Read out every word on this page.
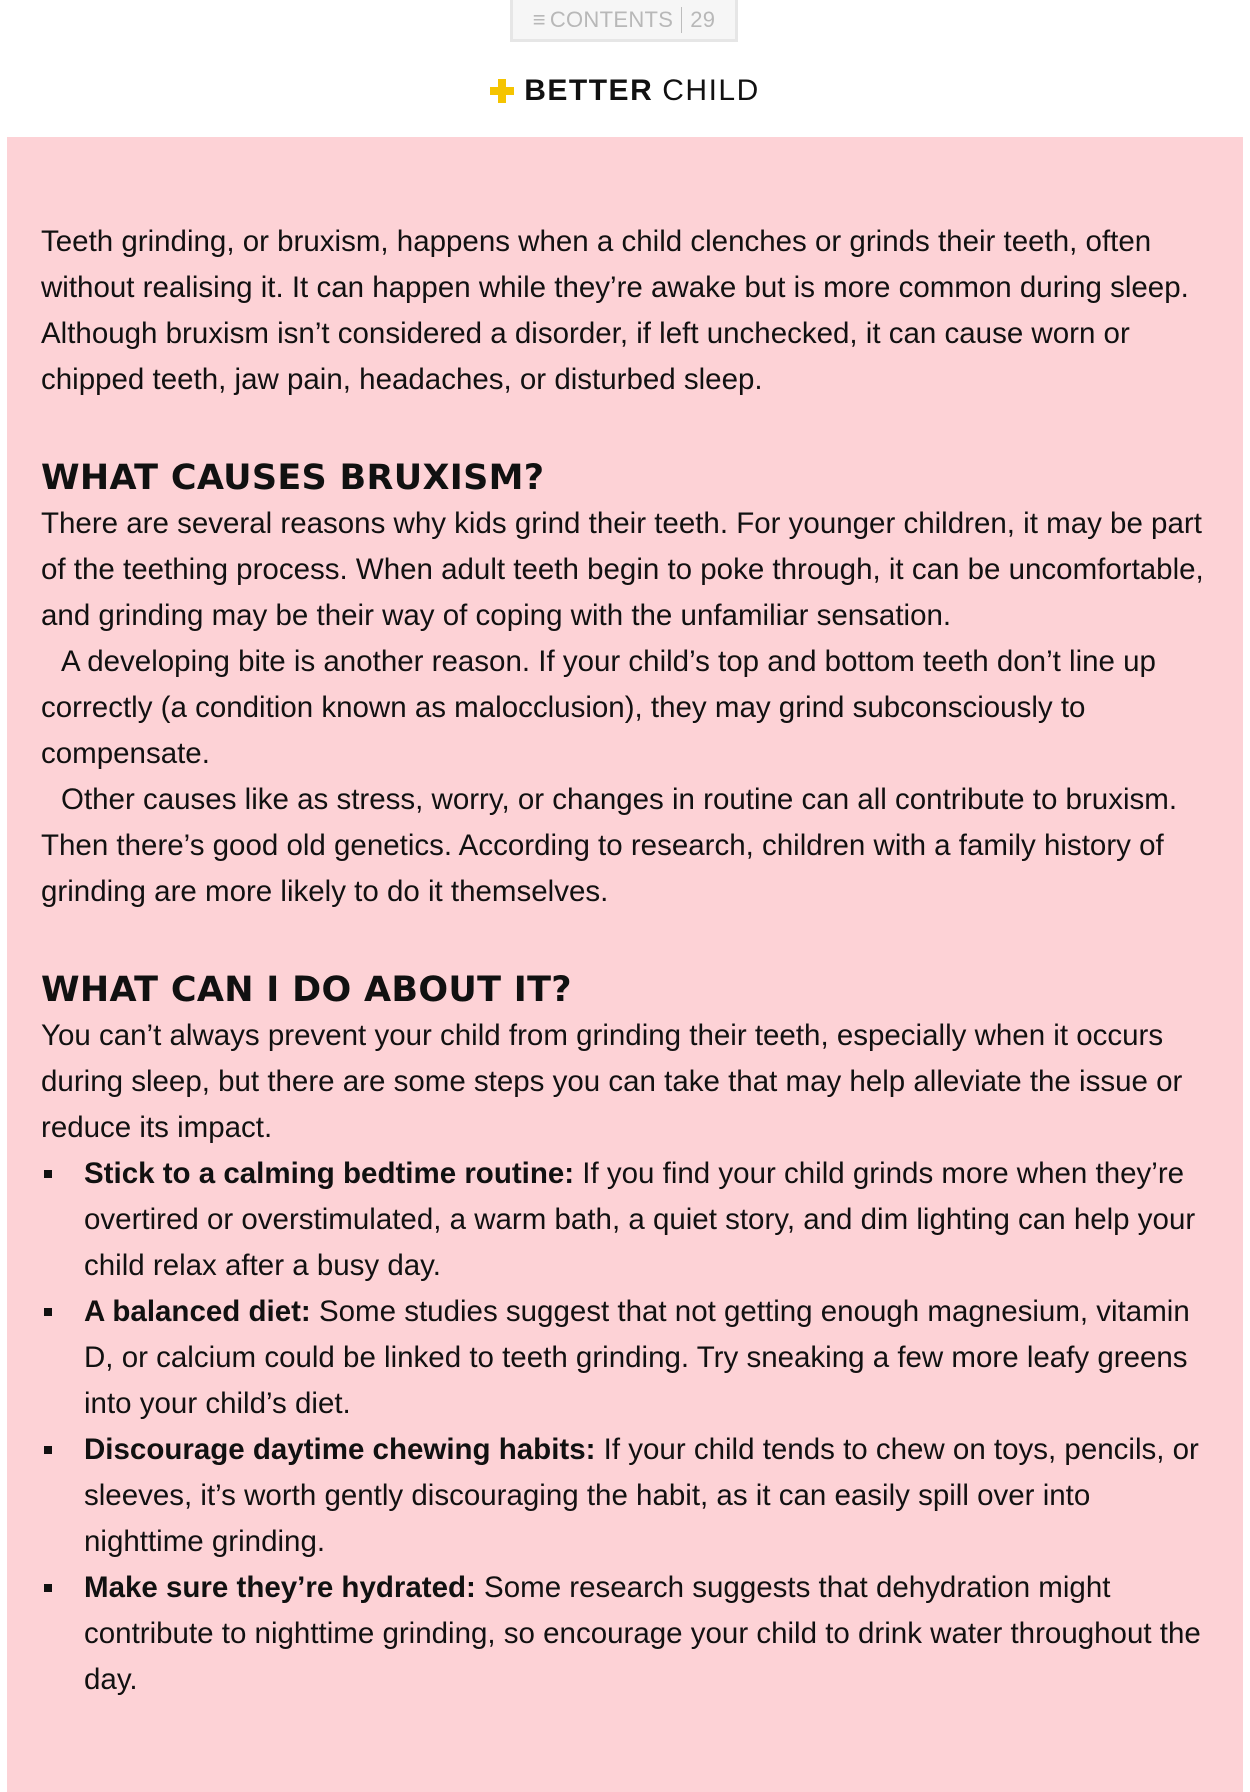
≡ CONTENTS 29
BETTER CHILD

Teeth grinding, or bruxism, happens when a child clenches or grinds their teeth, often without realising it. It can happen while they’re awake but is more common during sleep. Although bruxism isn’t considered a disorder, if left unchecked, it can cause worn or chipped teeth, jaw pain, headaches, or disturbed sleep.

WHAT CAUSES BRUXISM?

There are several reasons why kids grind their teeth. For younger children, it may be part of the teething process. When adult teeth begin to poke through, it can be uncomfortable, and grinding may be their way of coping with the unfamiliar sensation.

A developing bite is another reason. If your child’s top and bottom teeth don’t line up correctly (a condition known as malocclusion), they may grind subconsciously to compensate.

Other causes like as stress, worry, or changes in routine can all contribute to bruxism. Then there’s good old genetics. According to research, children with a family history of grinding are more likely to do it themselves.

WHAT CAN I DO ABOUT IT?

You can’t always prevent your child from grinding their teeth, especially when it occurs during sleep, but there are some steps you can take that may help alleviate the issue or reduce its impact.

Stick to a calming bedtime routine: If you find your child grinds more when they’re overtired or overstimulated, a warm bath, a quiet story, and dim lighting can help your child relax after a busy day.
A balanced diet: Some studies suggest that not getting enough magnesium, vitamin D, or calcium could be linked to teeth grinding. Try sneaking a few more leafy greens into your child’s diet.
Discourage daytime chewing habits: If your child tends to chew on toys, pencils, or sleeves, it’s worth gently discouraging the habit, as it can easily spill over into nighttime grinding.
Make sure they’re hydrated: Some research suggests that dehydration might contribute to nighttime grinding, so encourage your child to drink water throughout the day.
